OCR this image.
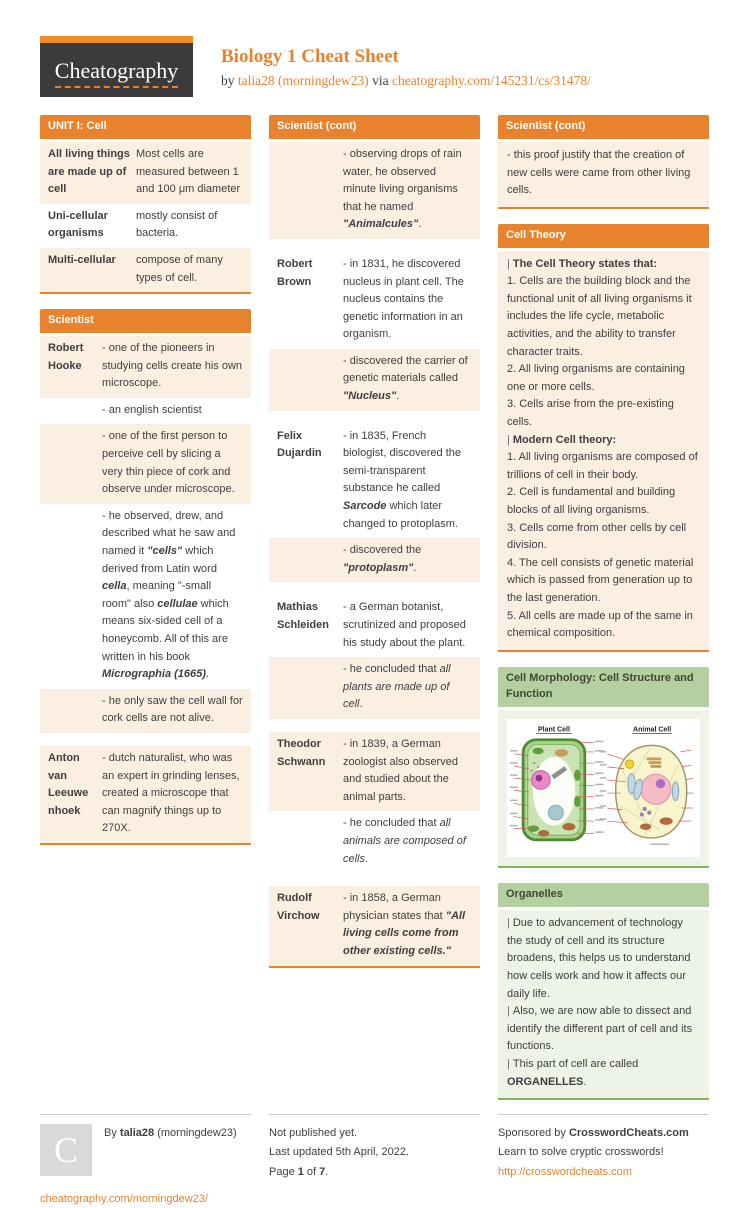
Cheatography
Biology 1 Cheat Sheet
by talia28 (morningdew23) via cheatography.com/145231/cs/31478/
UNIT I: Cell
All living things are made up of cell
Most cells are measured between 1 and 100 μm diameter
Uni-cellular organisms
mostly consist of bacteria.
Multi-cellular	compose of many types of cell.
Scientist
Robert Hooke
- one of the pioneers in studying cells create his own microscope.
- an english scientist
- one of the first person to perceive cell by slicing a very thin piece of cork and observe under microscope.
- he observed, drew, and described what he saw and named it "cells" which derived from Latin word cella, meaning "-small room" also cellulae which means six-sided cell of a honeycomb. All of this are written in his book Micrographia (1665).
- he only saw the cell wall for cork cells are not alive.
Anton van Leeuwe nhoek
- dutch naturalist, who was an expert in grinding lenses, created a microscope that can magnify things up to 270X.
Scientist (cont)
- observing drops of rain water, he observed minute living organisms that he named "Animalcules".
Robert Brown
- in 1831, he discovered nucleus in plant cell. The nucleus contains the genetic information in an organism.
- discovered the carrier of genetic materials called "Nucleus".
Felix Dujardin
- in 1835, French biologist, discovered the semi-transparent substance he called Sarcode which later changed to protoplasm.
- discovered the "protoplasm".
Mathias Schleiden
- a German botanist, scrutinized and proposed his study about the plant.
- he concluded that all plants are made up of cell.
Theodor Schwann
- in 1839, a German zoologist also observed and studied about the animal parts.
- he concluded that all animals are composed of cells.
Rudolf Virchow
- in 1858, a German physician states that "All living cells come from other existing cells."
Scientist (cont)
- this proof justify that the creation of new cells were came from other living cells.
Cell Theory
| The Cell Theory states that:
1. Cells are the building block and the functional unit of all living organisms it includes the life cycle, metabolic activities, and the ability to transfer character traits.
2. All living organisms are containing one or more cells.
3. Cells arise from the pre-existing cells.
| Modern Cell theory:
1. All living organisms are composed of trillions of cell in their body.
2. Cell is fundamental and building blocks of all living organisms.
3. Cells come from other cells by cell division.
4. The cell consists of genetic material which is passed from generation up to the last generation.
5. All cells are made up of the same in chemical composition.
Cell Morphology: Cell Structure and Function
Plant Cell	Animal Cell
Organelles
| Due to advancement of technology the study of cell and its structure broadens, this helps us to understand how cells work and how it affects our daily life.
| Also, we are now able to dissect and identify the different part of cell and its functions.
| This part of cell are called ORGANELLES.
C By talia28 (morningdew23)
cheatography.com/morningdew23/
Not published yet.
Last updated 5th April, 2022.
Page 1 of 7.
Sponsored by CrosswordCheats.com
Learn to solve cryptic crosswords!
http://crosswordcheats.com
